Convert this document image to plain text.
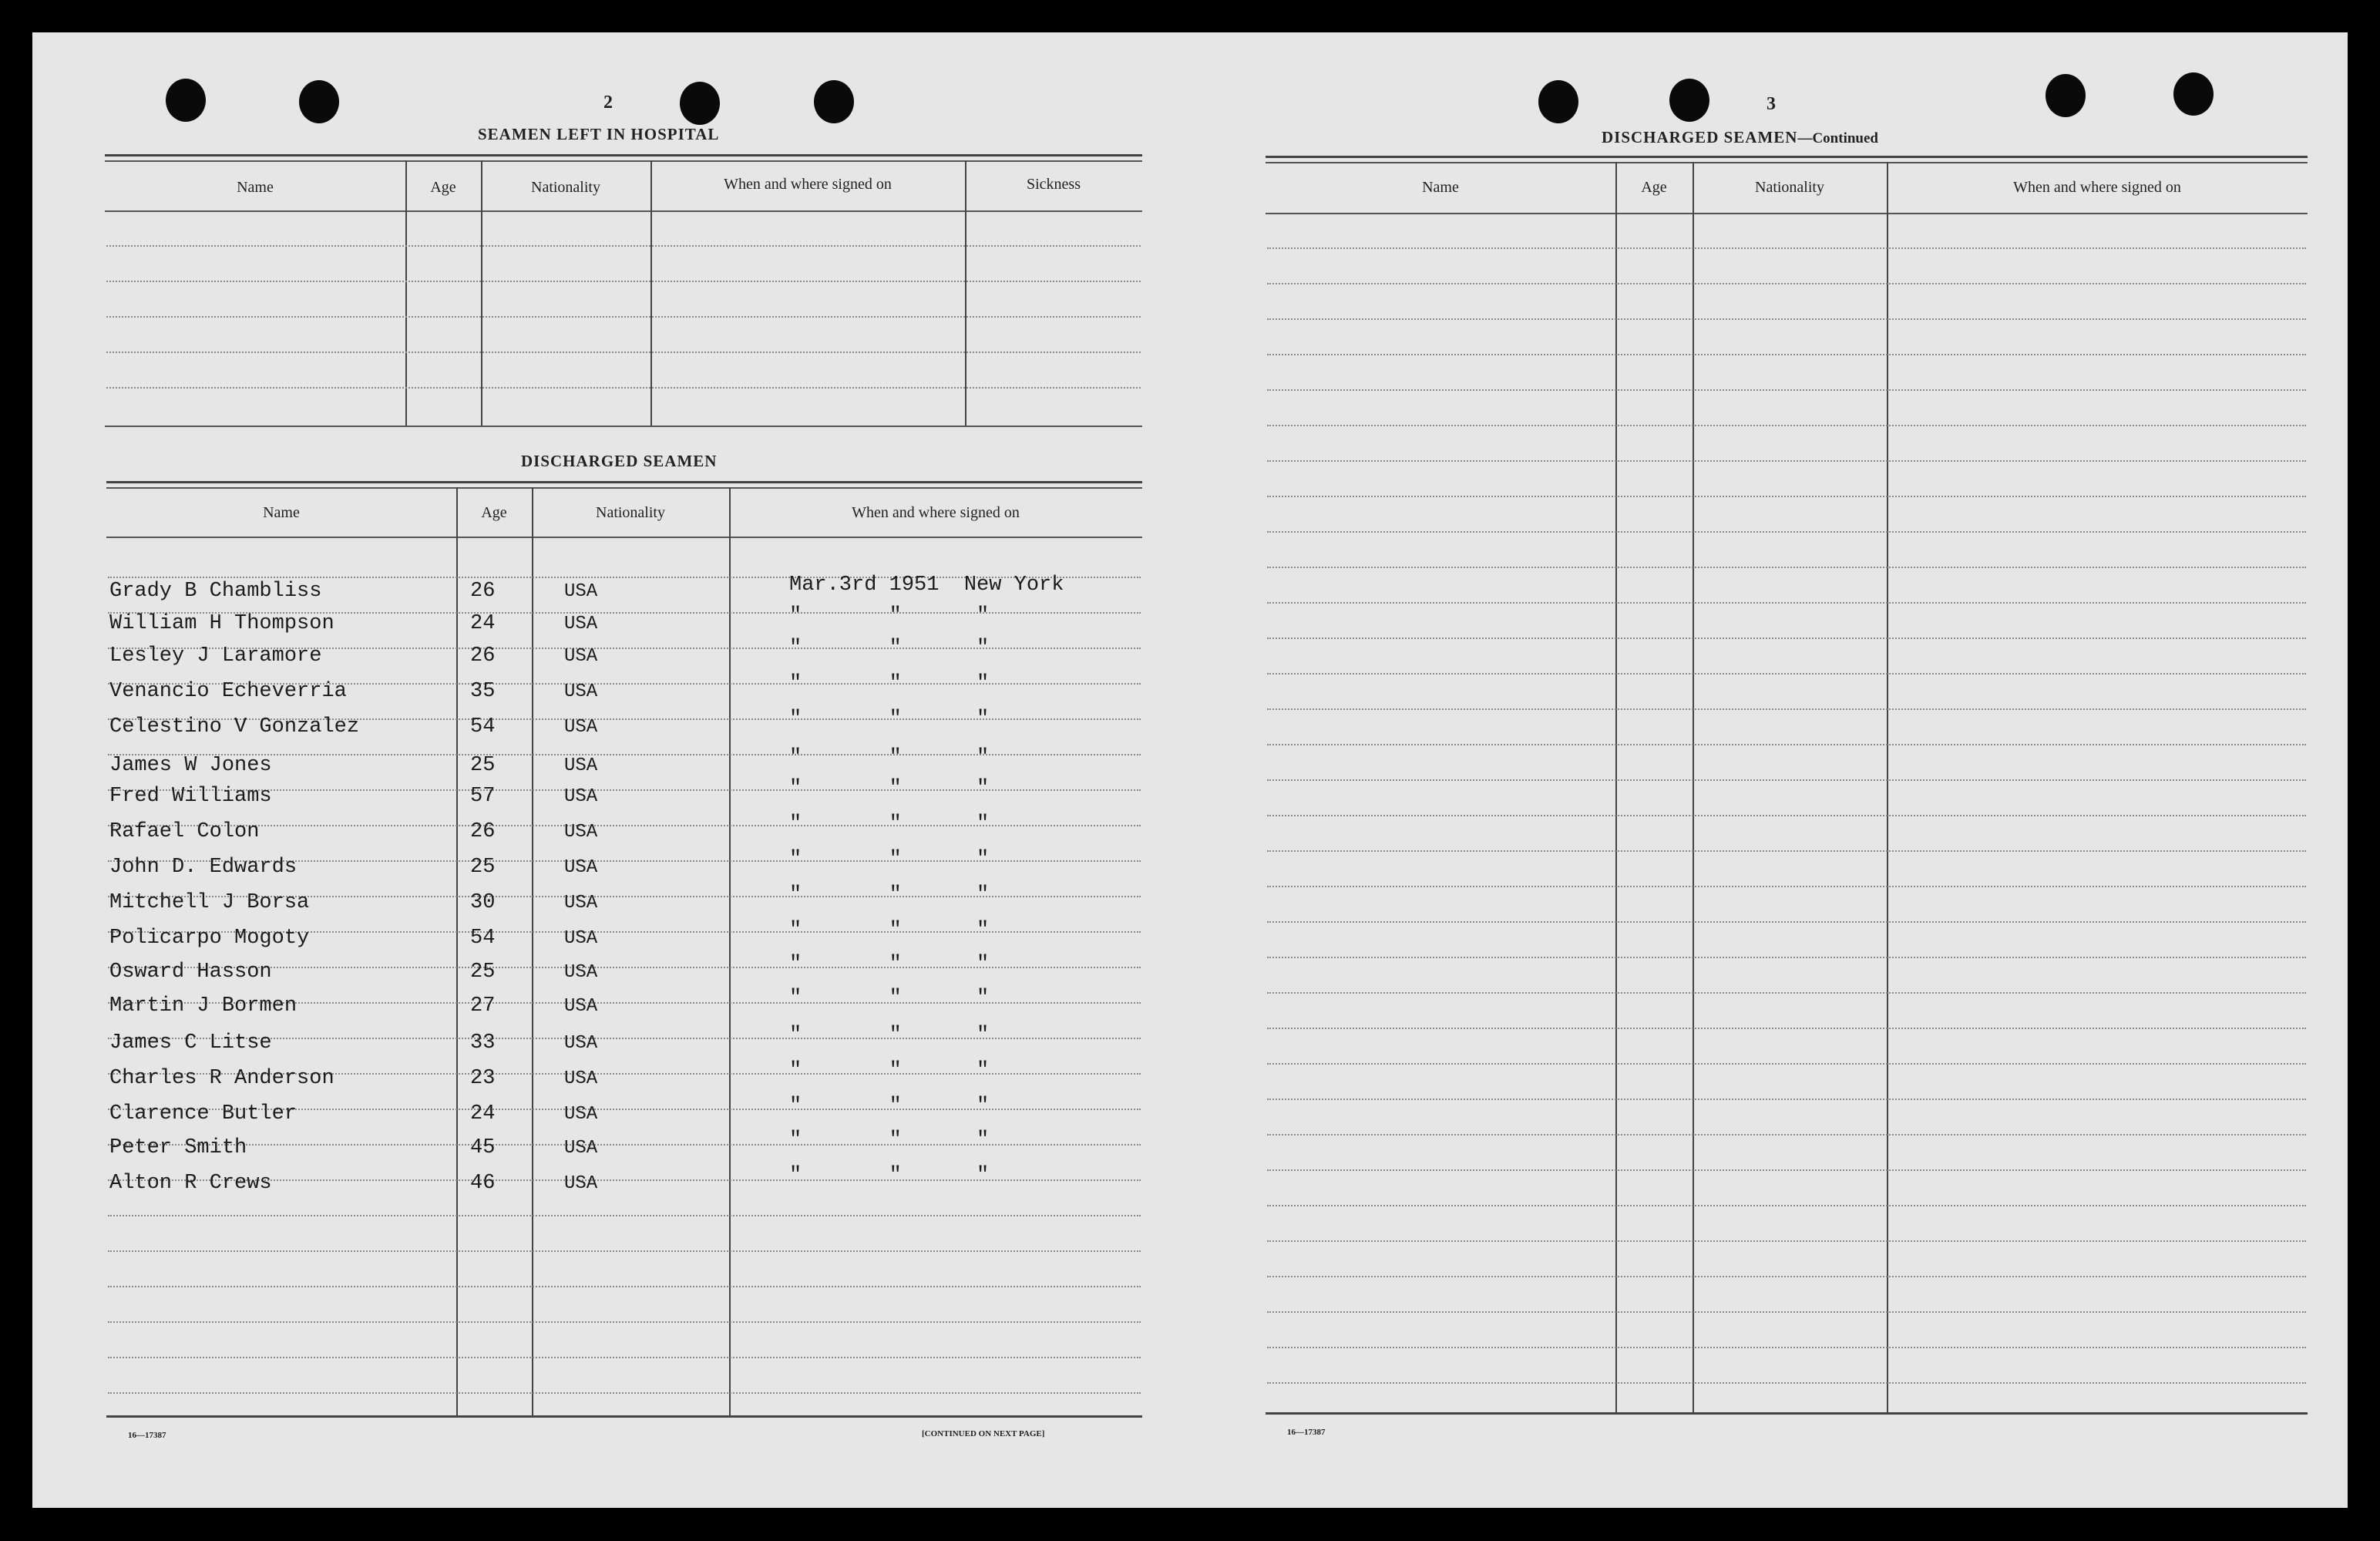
2
SEAMEN LEFT IN HOSPITAL
Name	Age	Nationality	When and where signed on	Sickness
DISCHARGED SEAMEN
Name	Age	Nationality	When and where signed on
Grady B Chambliss	26	USA	Mar.3rd 1951  New York
William H Thompson	24	USA	"       "      "
Lesley J Laramore	26	USA	"       "      "
Venancio Echeverria	35	USA	"       "      "
Celestino V Gonzalez	54	USA	"       "      "
James W Jones	25	USA	"       "      "
Fred Williams	57	USA	"       "      "
Rafael Colon	26	USA	"       "      "
John D. Edwards	25	USA	"       "      "
Mitchell J Borsa	30	USA	"       "      "
Policarpo Mogoty	54	USA	"       "      "
Osward Hasson	25	USA	"       "      "
Martin J Bormen	27	USA	"       "      "
James C Litse	33	USA	"       "      "
Charles R Anderson	23	USA	"       "      "
Clarence Butler	24	USA	"       "      "
Peter Smith	45	USA	"       "      "
Alton R Crews	46	USA	"       "      "
16—17387	[CONTINUED ON NEXT PAGE]
3
DISCHARGED SEAMEN—Continued
Name	Age	Nationality	When and where signed on
16—17387
